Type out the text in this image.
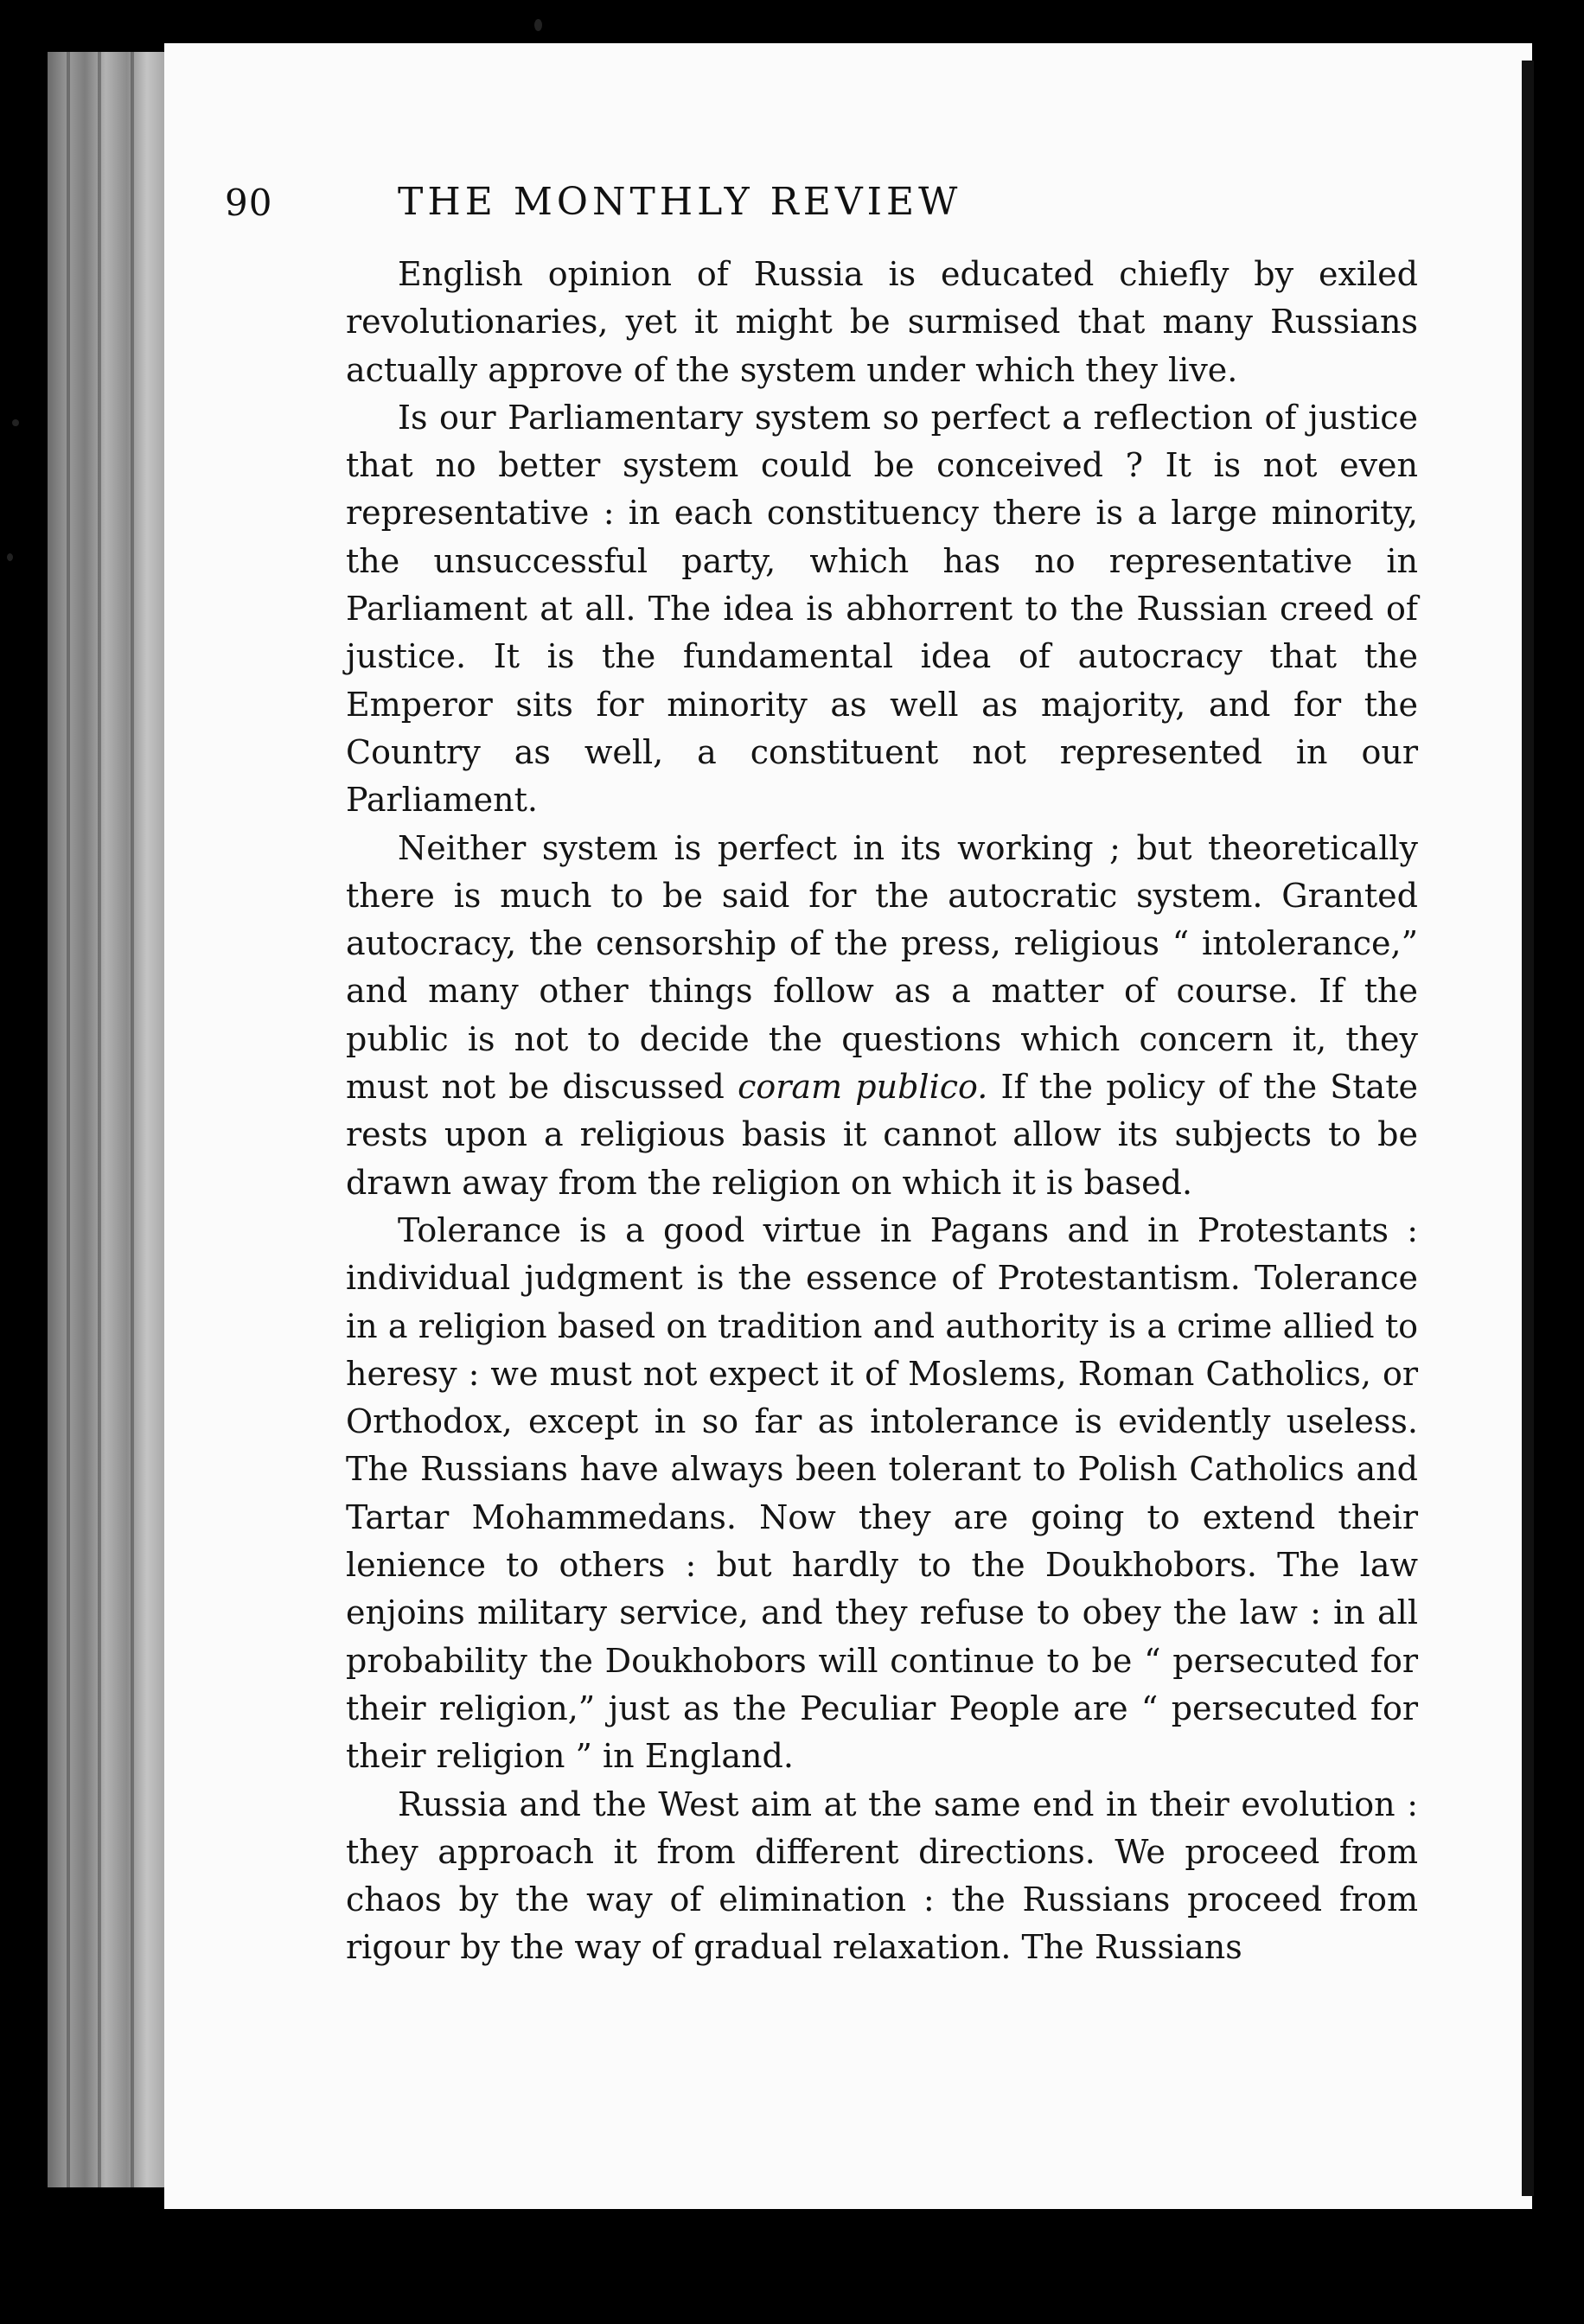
90	THE MONTHLY REVIEW

English opinion of Russia is educated chiefly by exiled revolutionaries, yet it might be surmised that many Russians actually approve of the system under which they live.

Is our Parliamentary system so perfect a reflection of justice that no better system could be conceived ? It is not even representative : in each constituency there is a large minority, the unsuccessful party, which has no representative in Parliament at all. The idea is abhorrent to the Russian creed of justice. It is the fundamental idea of autocracy that the Emperor sits for minority as well as majority, and for the Country as well, a constituent not represented in our Parliament.

Neither system is perfect in its working ; but theoretically there is much to be said for the autocratic system. Granted autocracy, the censorship of the press, religious “ intolerance,” and many other things follow as a matter of course. If the public is not to decide the questions which concern it, they must not be discussed coram publico. If the policy of the State rests upon a religious basis it cannot allow its subjects to be drawn away from the religion on which it is based.

Tolerance is a good virtue in Pagans and in Protestants : individual judgment is the essence of Protestantism. Tolerance in a religion based on tradition and authority is a crime allied to heresy : we must not expect it of Moslems, Roman Catholics, or Orthodox, except in so far as intolerance is evidently useless. The Russians have always been tolerant to Polish Catholics and Tartar Mohammedans. Now they are going to extend their lenience to others : but hardly to the Doukhobors. The law enjoins military service, and they refuse to obey the law : in all probability the Doukhobors will continue to be “ persecuted for their religion,” just as the Peculiar People are “ persecuted for their religion ” in England.

Russia and the West aim at the same end in their evolution : they approach it from different directions. We proceed from chaos by the way of elimination : the Russians proceed from rigour by the way of gradual relaxation. The Russians
